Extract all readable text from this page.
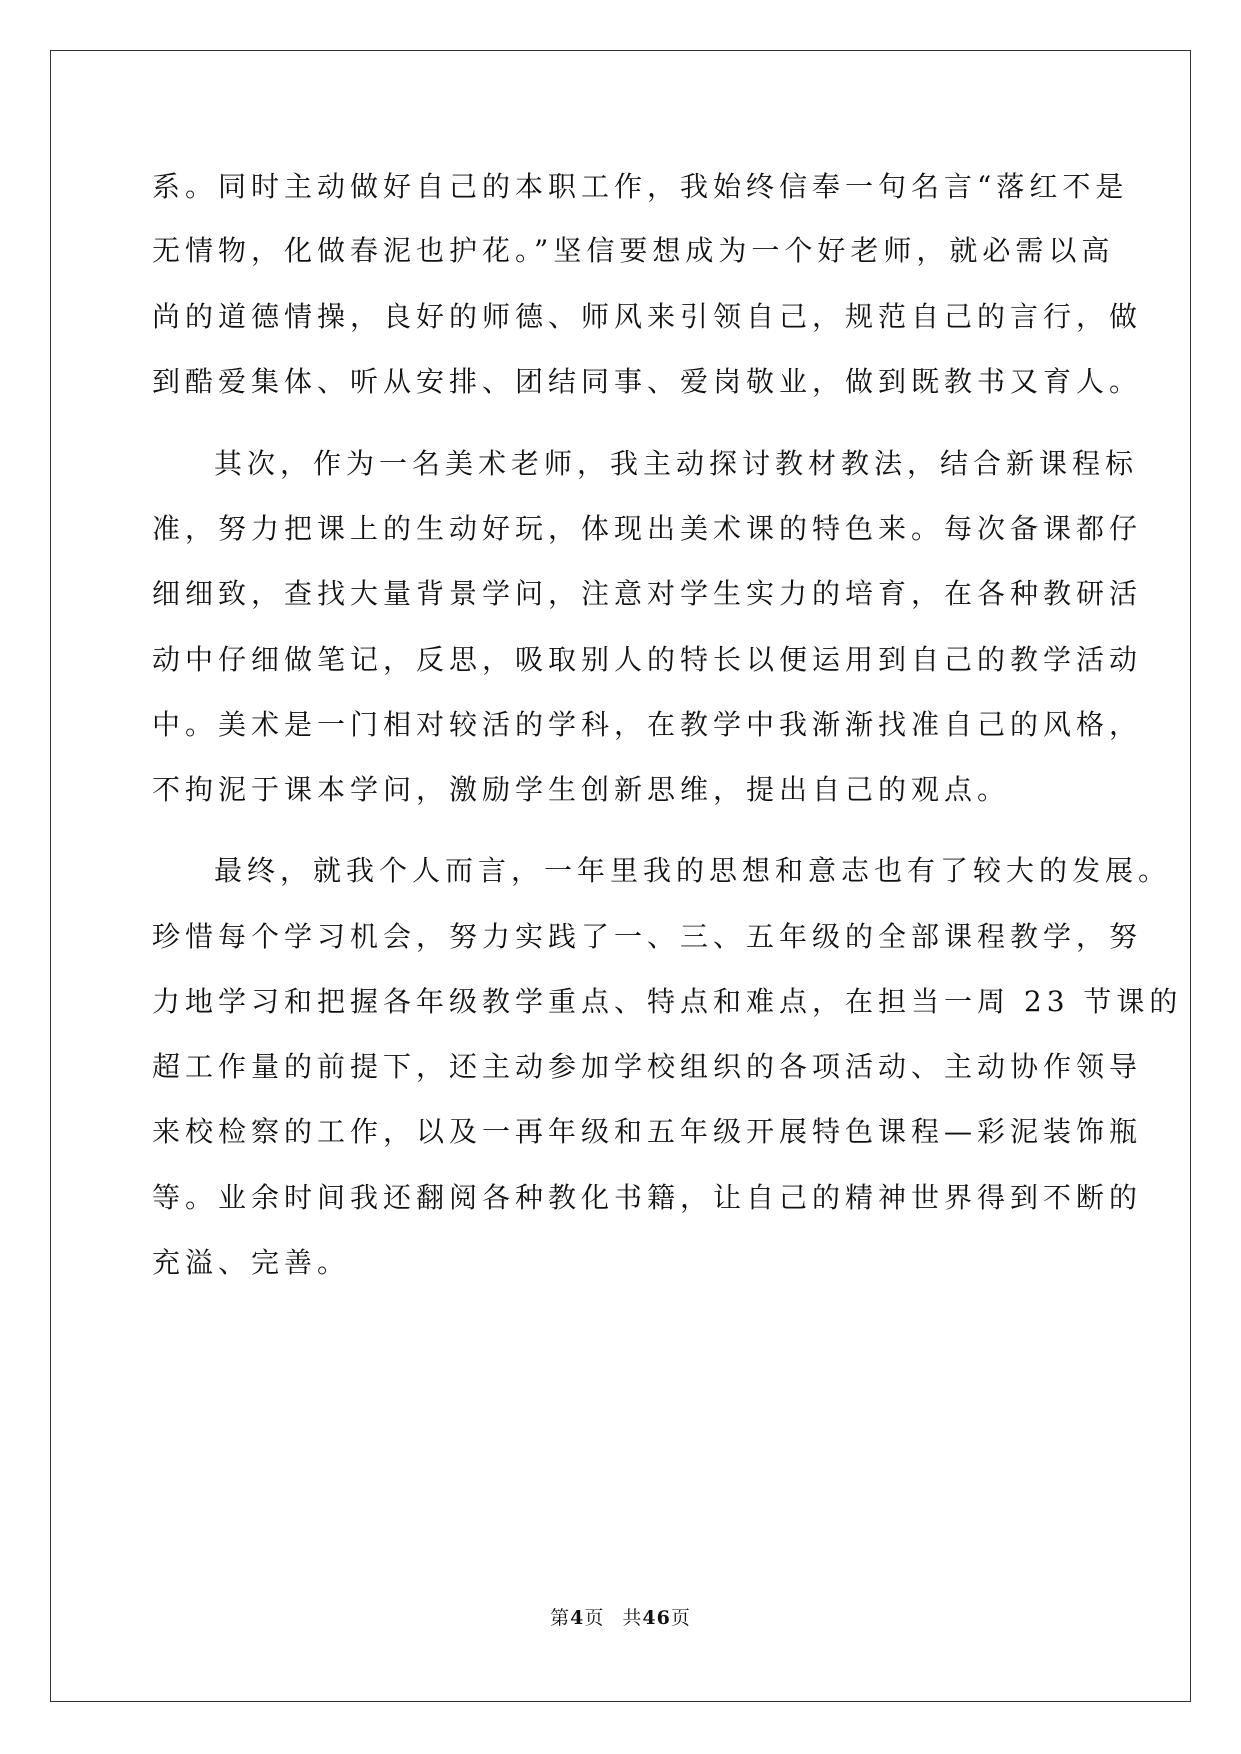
系。同时主动做好自己的本职工作，我始终信奉一句名言“落红不是
无情物，化做春泥也护花。”坚信要想成为一个好老师，就必需以高
尚的道德情操，良好的师德、师风来引领自己，规范自己的言行，做
到酷爱集体、听从安排、团结同事、爱岗敬业，做到既教书又育人。
其次，作为一名美术老师，我主动探讨教材教法，结合新课程标
准，努力把课上的生动好玩，体现出美术课的特色来。每次备课都仔
细细致，查找大量背景学问，注意对学生实力的培育，在各种教研活
动中仔细做笔记，反思，吸取别人的特长以便运用到自己的教学活动
中。美术是一门相对较活的学科，在教学中我渐渐找准自己的风格，
不拘泥于课本学问，激励学生创新思维，提出自己的观点。
最终，就我个人而言，一年里我的思想和意志也有了较大的发展。
珍惜每个学习机会，努力实践了一、三、五年级的全部课程教学，努
力地学习和把握各年级教学重点、特点和难点，在担当一周 23 节课的
超工作量的前提下，还主动参加学校组织的各项活动、主动协作领导
来校检察的工作，以及一再年级和五年级开展特色课程—彩泥装饰瓶
等。业余时间我还翻阅各种教化书籍，让自己的精神世界得到不断的
充溢、完善。
第4页 共46页
